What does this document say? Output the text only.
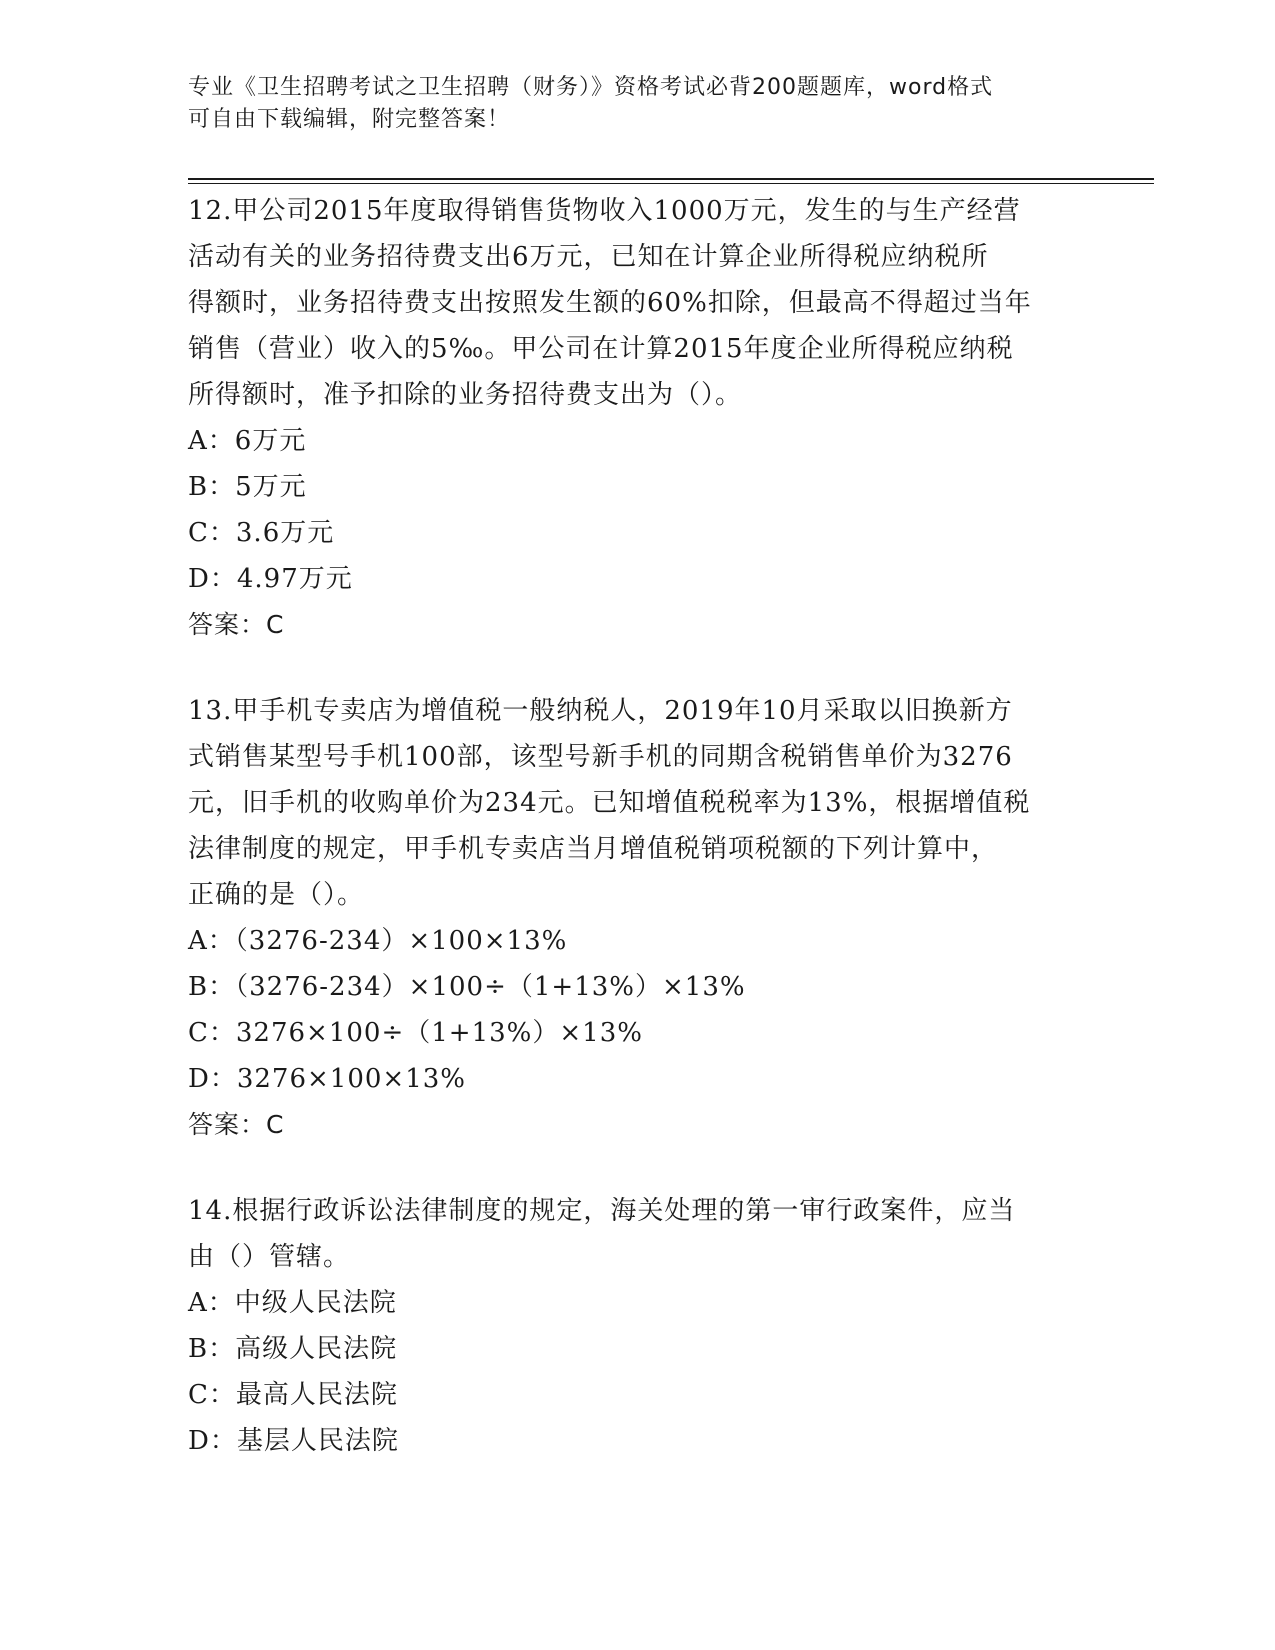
专业《卫生招聘考试之卫生招聘（财务）》资格考试必背200题题库，word格式
可自由下载编辑，附完整答案！
12.甲公司2015年度取得销售货物收入1000万元，发生的与生产经营
活动有关的业务招待费支出6万元，已知在计算企业所得税应纳税所
得额时，业务招待费支出按照发生额的60%扣除，但最高不得超过当年
销售（营业）收入的5‰。甲公司在计算2015年度企业所得税应纳税
所得额时，准予扣除的业务招待费支出为（）。
A：6万元
B：5万元
C：3.6万元
D：4.97万元
答案：C
13.甲手机专卖店为增值税一般纳税人，2019年10月采取以旧换新方
式销售某型号手机100部，该型号新手机的同期含税销售单价为3276
元，旧手机的收购单价为234元。已知增值税税率为13%，根据增值税
法律制度的规定，甲手机专卖店当月增值税销项税额的下列计算中，
正确的是（）。
A：（3276-234）×100×13%
B：（3276-234）×100÷（1+13%）×13%
C：3276×100÷（1+13%）×13%
D：3276×100×13%
答案：C
14.根据行政诉讼法律制度的规定，海关处理的第一审行政案件，应当
由（）管辖。
A：中级人民法院
B：高级人民法院
C：最高人民法院
D：基层人民法院
